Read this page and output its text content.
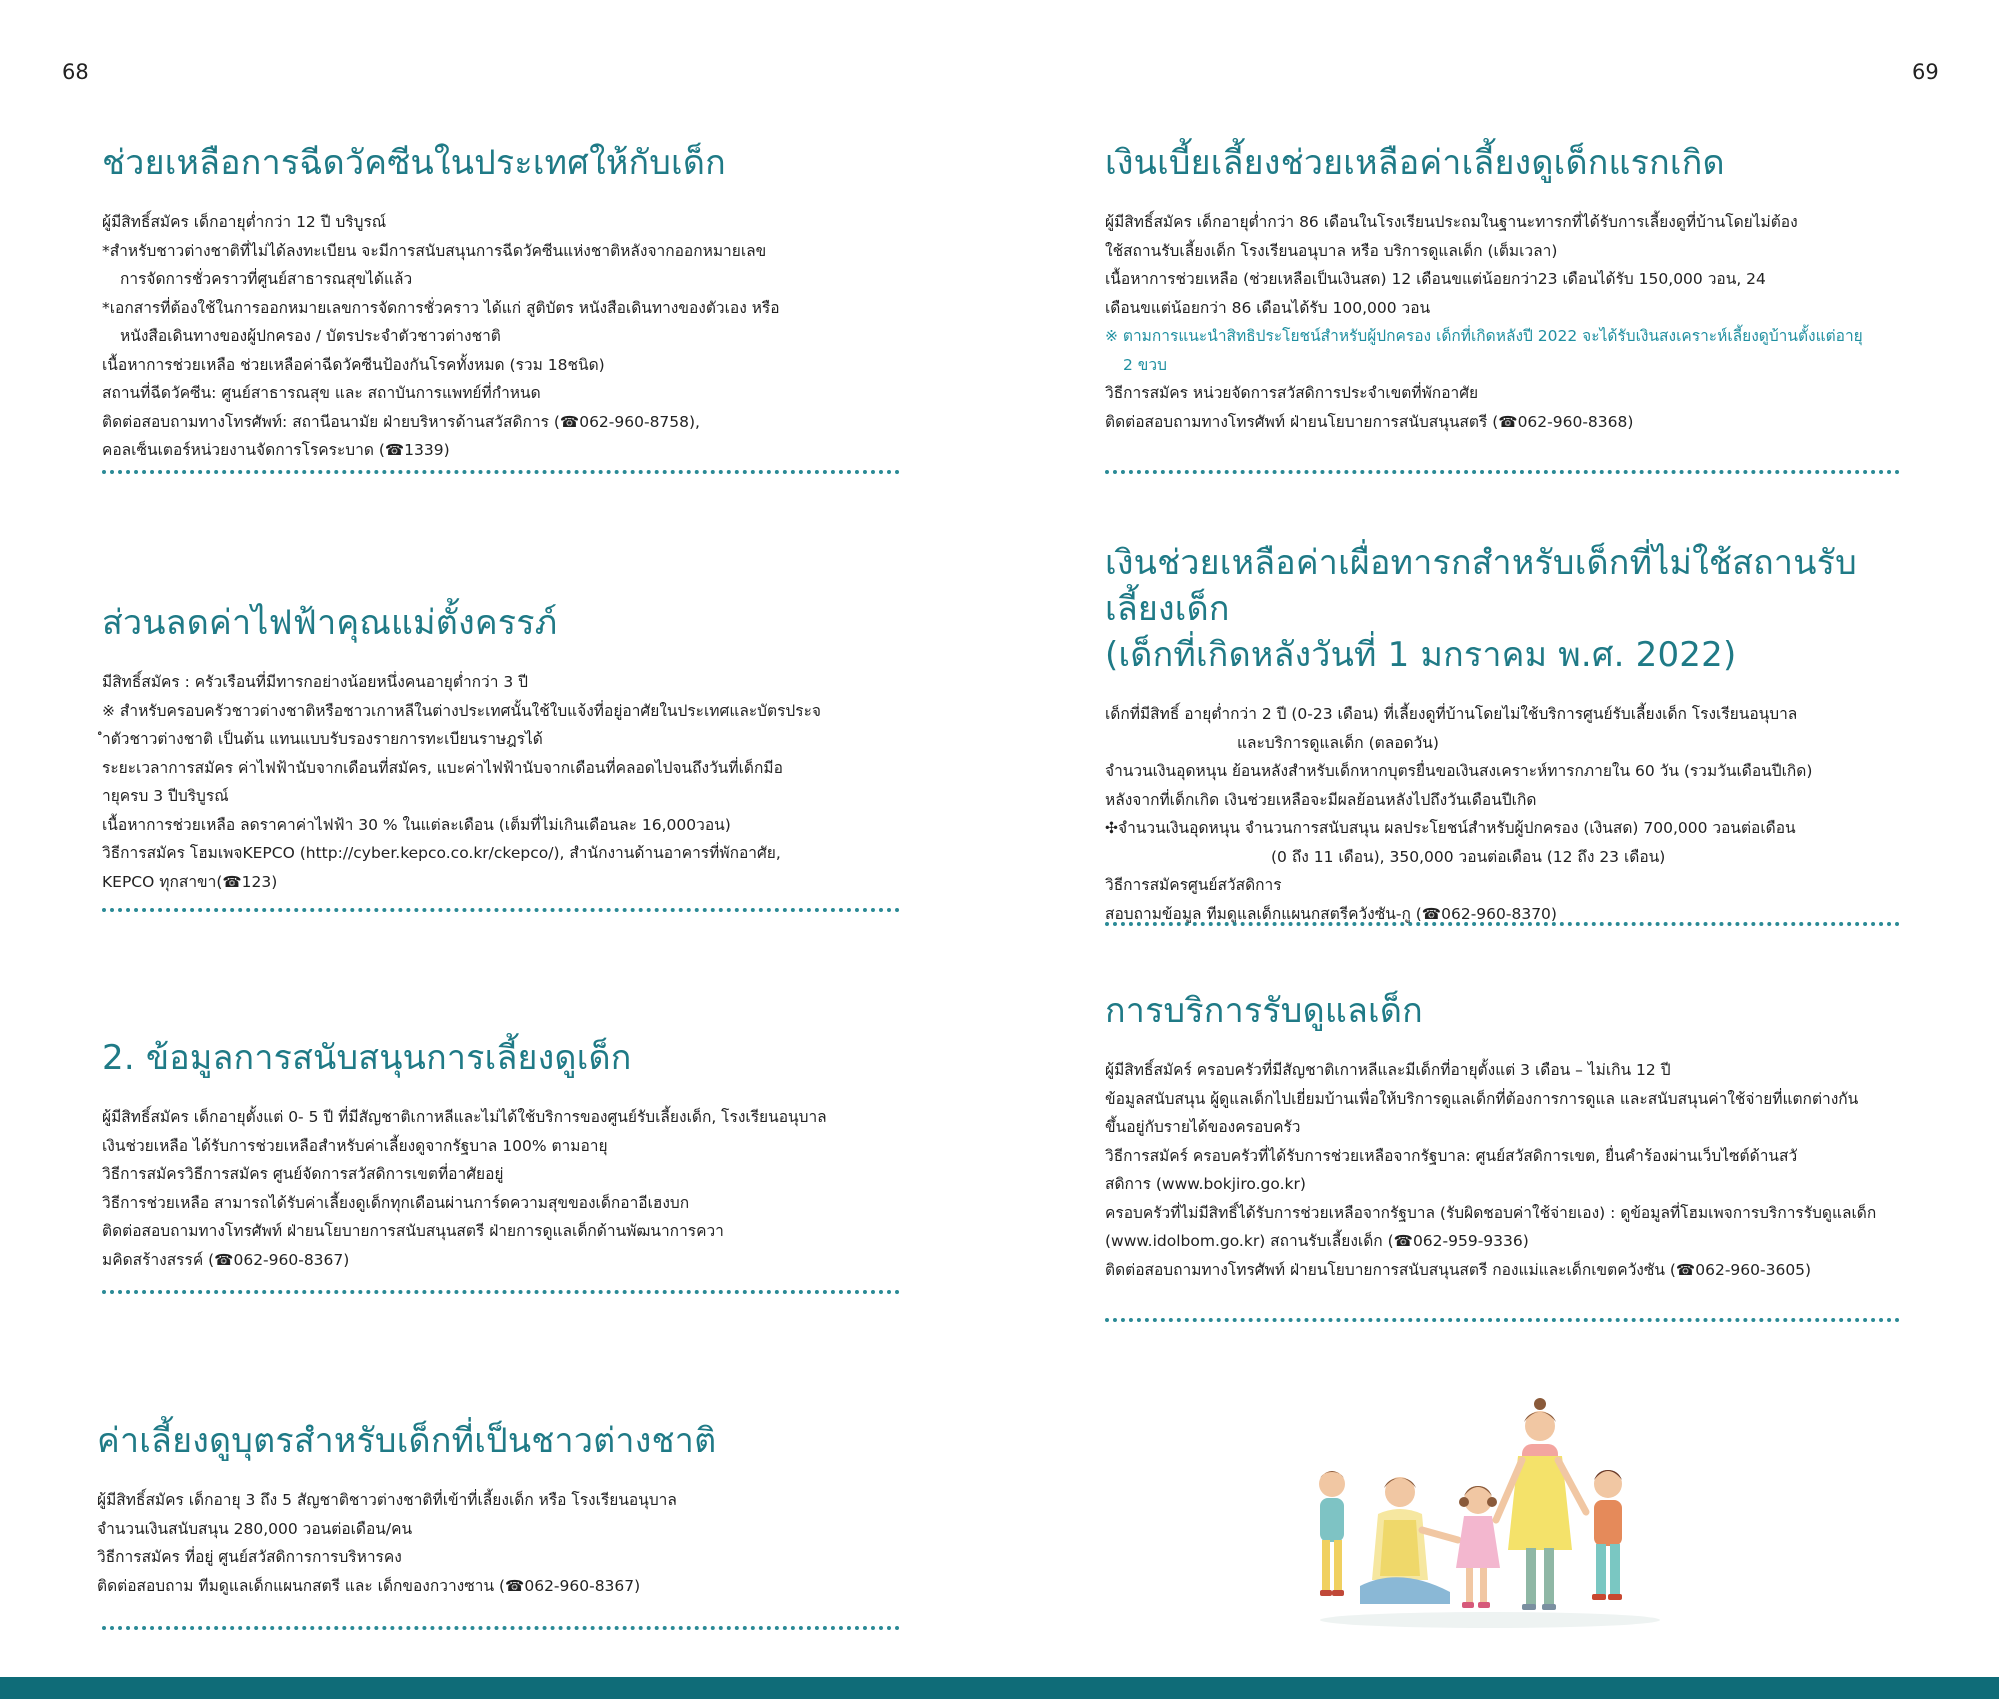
68	69
ช่วยเหลือการฉีดวัคซีนในประเทศให้กับเด็ก
ผู้มีสิทธิ์สมัคร เด็กอายุต่ำกว่า 12 ปี บริบูรณ์
*สำหรับชาวต่างชาติที่ไม่ได้ลงทะเบียน จะมีการสนับสนุนการฉีดวัคซีนแห่งชาติหลังจากออกหมายเลข
การจัดการชั่วคราวที่ศูนย์สาธารณสุขได้แล้ว
*เอกสารที่ต้องใช้ในการออกหมายเลขการจัดการชั่วคราว ได้แก่ สูติบัตร หนังสือเดินทางของตัวเอง หรือ
หนังสือเดินทางของผู้ปกครอง / บัตรประจำตัวชาวต่างชาติ
เนื้อหาการช่วยเหลือ ช่วยเหลือค่าฉีดวัคซีนป้องกันโรคทั้งหมด (รวม 18ชนิด)
สถานที่ฉีดวัคซีน: ศูนย์สาธารณสุข และ สถาบันการแพทย์ที่กำหนด
ติดต่อสอบถามทางโทรศัพท์: สถานีอนามัย ฝ่ายบริหารด้านสวัสดิการ (☎062-960-8758),
คอลเซ็นเตอร์หน่วยงานจัดการโรคระบาด (☎1339)
ส่วนลดค่าไฟฟ้าคุณแม่ตั้งครรภ์
มีสิทธิ์สมัคร : ครัวเรือนที่มีทารกอย่างน้อยหนึ่งคนอายุต่ำกว่า 3 ปี
※ สำหรับครอบครัวชาวต่างชาติหรือชาวเกาหลีในต่างประเทศนั้นใช้ใบแจ้งที่อยู่อาศัยในประเทศและบัตรประจ
ำตัวชาวต่างชาติ เป็นต้น แทนแบบรับรองรายการทะเบียนราษฎรได้
ระยะเวลาการสมัคร ค่าไฟฟ้านับจากเดือนที่สมัคร, แบะค่าไฟฟ้านับจากเดือนที่คลอดไปจนถึงวันที่เด็กมีอ
ายุครบ 3 ปีบริบูรณ์
เนื้อหาการช่วยเหลือ ลดราคาค่าไฟฟ้า 30 % ในแต่ละเดือน (เต็มที่ไม่เกินเดือนละ 16,000วอน)
วิธีการสมัคร โฮมเพจKEPCO (http://cyber.kepco.co.kr/ckepco/), สำนักงานด้านอาคารที่พักอาศัย,
KEPCO ทุกสาขา(☎123)
2. ข้อมูลการสนับสนุนการเลี้ยงดูเด็ก
ผู้มีสิทธิ์สมัคร เด็กอายุตั้งแต่ 0- 5 ปี ที่มีสัญชาติเกาหลีและไม่ได้ใช้บริการของศูนย์รับเลี้ยงเด็ก, โรงเรียนอนุบาล
เงินช่วยเหลือ ได้รับการช่วยเหลือสำหรับค่าเลี้ยงดูจากรัฐบาล 100% ตามอายุ
วิธีการสมัครวิธีการสมัคร ศูนย์จัดการสวัสดิการเขตที่อาศัยอยู่
วิธีการช่วยเหลือ สามารถได้รับค่าเลี้ยงดูเด็กทุกเดือนผ่านการ์ดความสุขของเด็กอาอีเฮงบก
ติดต่อสอบถามทางโทรศัพท์ ฝ่ายนโยบายการสนับสนุนสตรี ฝ่ายการดูแลเด็กด้านพัฒนาการควา
มคิดสร้างสรรค์ (☎062-960-8367)
ค่าเลี้ยงดูบุตรสำหรับเด็กที่เป็นชาวต่างชาติ
ผู้มีสิทธิ์สมัคร เด็กอายุ 3 ถึง 5 สัญชาติชาวต่างชาติที่เข้าที่เลี้ยงเด็ก หรือ โรงเรียนอนุบาล
จำนวนเงินสนับสนุน 280,000 วอนต่อเดือน/คน
วิธีการสมัคร ที่อยู่ ศูนย์สวัสดิการการบริหารคง
ติดต่อสอบถาม ทีมดูแลเด็กแผนกสตรี และ เด็กของกวางซาน (☎062-960-8367)
เงินเบี้ยเลี้ยงช่วยเหลือค่าเลี้ยงดูเด็กแรกเกิด
ผู้มีสิทธิ์สมัคร เด็กอายุต่ำกว่า 86 เดือนในโรงเรียนประถมในฐานะทารกที่ได้รับการเลี้ยงดูที่บ้านโดยไม่ต้อง
ใช้สถานรับเลี้ยงเด็ก โรงเรียนอนุบาล หรือ บริการดูแลเด็ก (เต็มเวลา)
เนื้อหาการช่วยเหลือ (ช่วยเหลือเป็นเงินสด) 12 เดือนขแต่น้อยกว่า23 เดือนได้รับ 150,000 วอน, 24
เดือนขแต่น้อยกว่า 86 เดือนได้รับ 100,000 วอน
※ ตามการแนะนำสิทธิประโยชน์สำหรับผู้ปกครอง เด็กที่เกิดหลังปี 2022 จะได้รับเงินสงเคราะห์เลี้ยงดูบ้านตั้งแต่อายุ
2 ขวบ
วิธีการสมัคร หน่วยจัดการสวัสดิการประจำเขตที่พักอาศัย
ติดต่อสอบถามทางโทรศัพท์ ฝ่ายนโยบายการสนับสนุนสตรี (☎062-960-8368)
เงินช่วยเหลือค่าเผื่อทารกสำหรับเด็กที่ไม่ใช้สถานรับเลี้ยงเด็ก
(เด็กที่เกิดหลังวันที่ 1 มกราคม พ.ศ. 2022)
เด็กที่มีสิทธิ์ อายุต่ำกว่า 2 ปี (0-23 เดือน) ที่เลี้ยงดูที่บ้านโดยไม่ใช้บริการศูนย์รับเลี้ยงเด็ก โรงเรียนอนุบาล
และบริการดูแลเด็ก (ตลอดวัน)
จำนวนเงินอุดหนุน ย้อนหลังสำหรับเด็กหากบุตรยื่นขอเงินสงเคราะห์ทารกภายใน 60 วัน (รวมวันเดือนปีเกิด)
หลังจากที่เด็กเกิด เงินช่วยเหลือจะมีผลย้อนหลังไปถึงวันเดือนปีเกิด
✣จำนวนเงินอุดหนุน จำนวนการสนับสนุน ผลประโยชน์สำหรับผู้ปกครอง (เงินสด) 700,000 วอนต่อเดือน
(0 ถึง 11 เดือน), 350,000 วอนต่อเดือน (12 ถึง 23 เดือน)
วิธีการสมัครศูนย์สวัสดิการ
สอบถามข้อมูล ทีมดูแลเด็กแผนกสตรีควังซัน-กู (☎062-960-8370)
การบริการรับดูแลเด็ก
ผู้มีสิทธิ์สมัคร์ ครอบครัวที่มีสัญชาติเกาหลีและมีเด็กที่อายุตั้งแต่ 3 เดือน – ไม่เกิน 12 ปี
ข้อมูลสนับสนุน ผู้ดูแลเด็กไปเยี่ยมบ้านเพื่อให้บริการดูแลเด็กที่ต้องการการดูแล และสนับสนุนค่าใช้จ่ายที่แตกต่างกัน
ขึ้นอยู่กับรายได้ของครอบครัว
วิธีการสมัคร์ ครอบครัวที่ได้รับการช่วยเหลือจากรัฐบาล: ศูนย์สวัสดิการเขต, ยื่นคำร้องผ่านเว็บไซต์ด้านสวั
สดิการ (www.bokjiro.go.kr)
ครอบครัวที่ไม่มีสิทธิ์ได้รับการช่วยเหลือจากรัฐบาล (รับผิดชอบค่าใช้จ่ายเอง) : ดูข้อมูลที่โฮมเพจการบริการรับดูแลเด็ก
(www.idolbom.go.kr) สถานรับเลี้ยงเด็ก (☎062-959-9336)
ติดต่อสอบถามทางโทรศัพท์ ฝ่ายนโยบายการสนับสนุนสตรี กองแม่และเด็กเขตควังซัน (☎062-960-3605)
